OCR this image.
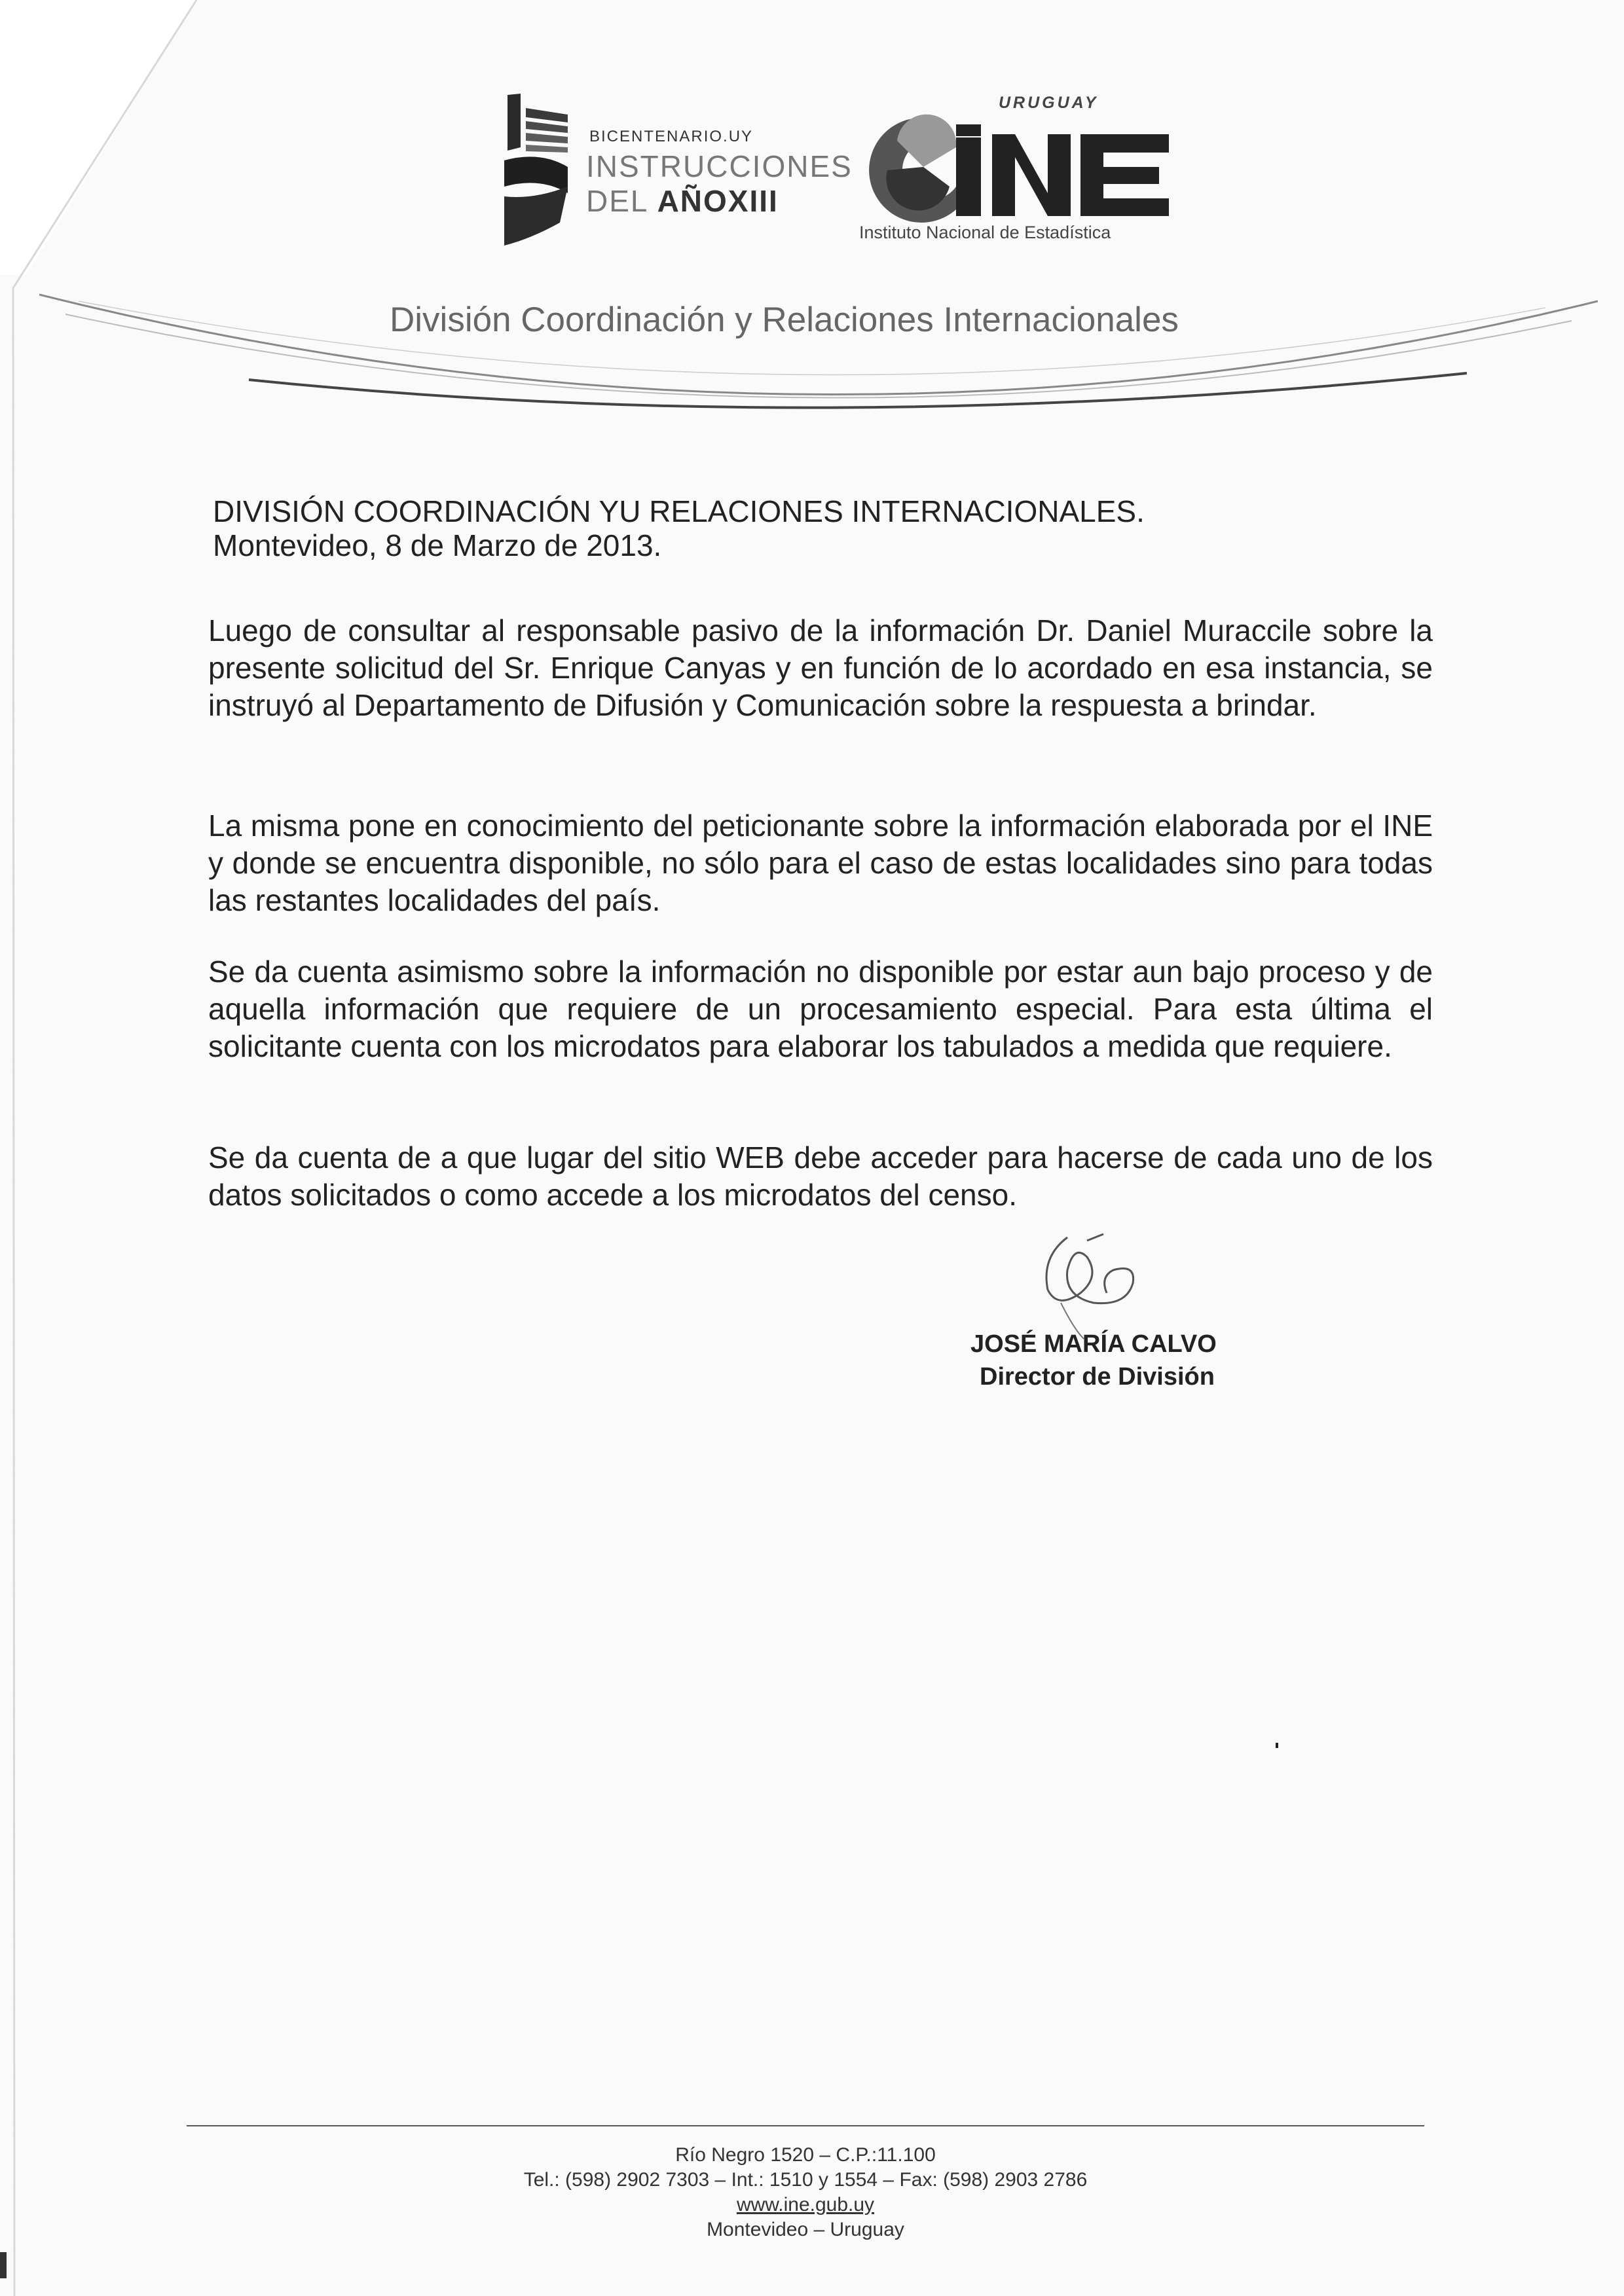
BICENTENARIO.UY
INSTRUCCIONES
DEL AÑOXIII
URUGUAY
Instituto Nacional de Estadística
División Coordinación y Relaciones Internacionales
DIVISIÓN COORDINACIÓN YU RELACIONES INTERNACIONALES.
Montevideo, 8 de Marzo de 2013.

Luego de consultar al responsable pasivo de la información Dr. Daniel Muraccile sobre la presente solicitud del Sr. Enrique Canyas y en función de lo acordado en esa instancia, se instruyó al Departamento de Difusión y Comunicación sobre la respuesta a brindar.

La misma pone en conocimiento del peticionante sobre la información elaborada por el INE y donde se encuentra disponible, no sólo para el caso de estas localidades sino para todas las restantes localidades del país.

Se da cuenta asimismo sobre la información no disponible por estar aun bajo proceso y de aquella información que requiere de un procesamiento especial. Para esta última el solicitante cuenta con los microdatos para elaborar los tabulados a medida que requiere.

Se da cuenta de a que lugar del sitio WEB debe acceder para hacerse de cada uno de los datos solicitados o como accede a los microdatos del censo.

JOSÉ MARÍA CALVO
Director de División
Río Negro 1520 – C.P.:11.100
Tel.: (598) 2902 7303 – Int.: 1510 y 1554 – Fax: (598) 2903 2786
www.ine.gub.uy
Montevideo – Uruguay
